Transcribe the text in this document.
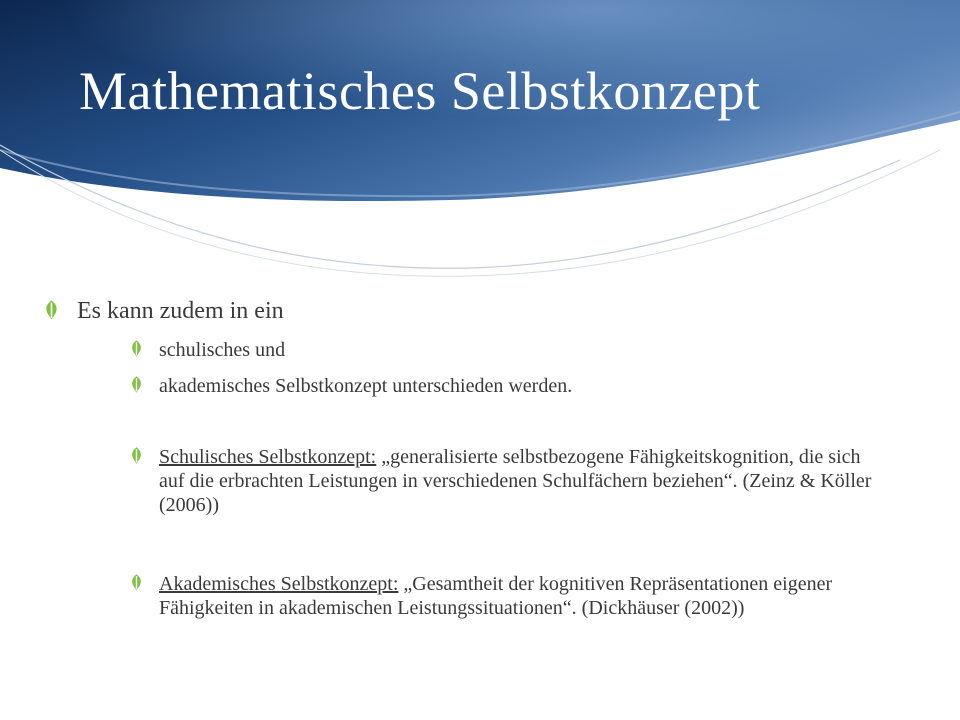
Mathematisches Selbstkonzept
Es kann zudem in ein
schulisches und
akademisches Selbstkonzept unterschieden werden.
Schulisches Selbstkonzept: „generalisierte selbstbezogene Fähigkeitskognition, die sich auf die erbrachten Leistungen in verschiedenen Schulfächern beziehen“. (Zeinz & Köller (2006))
Akademisches Selbstkonzept: „Gesamtheit der kognitiven Repräsentationen eigener Fähigkeiten in akademischen Leistungssituationen“. (Dickhäuser (2002))
